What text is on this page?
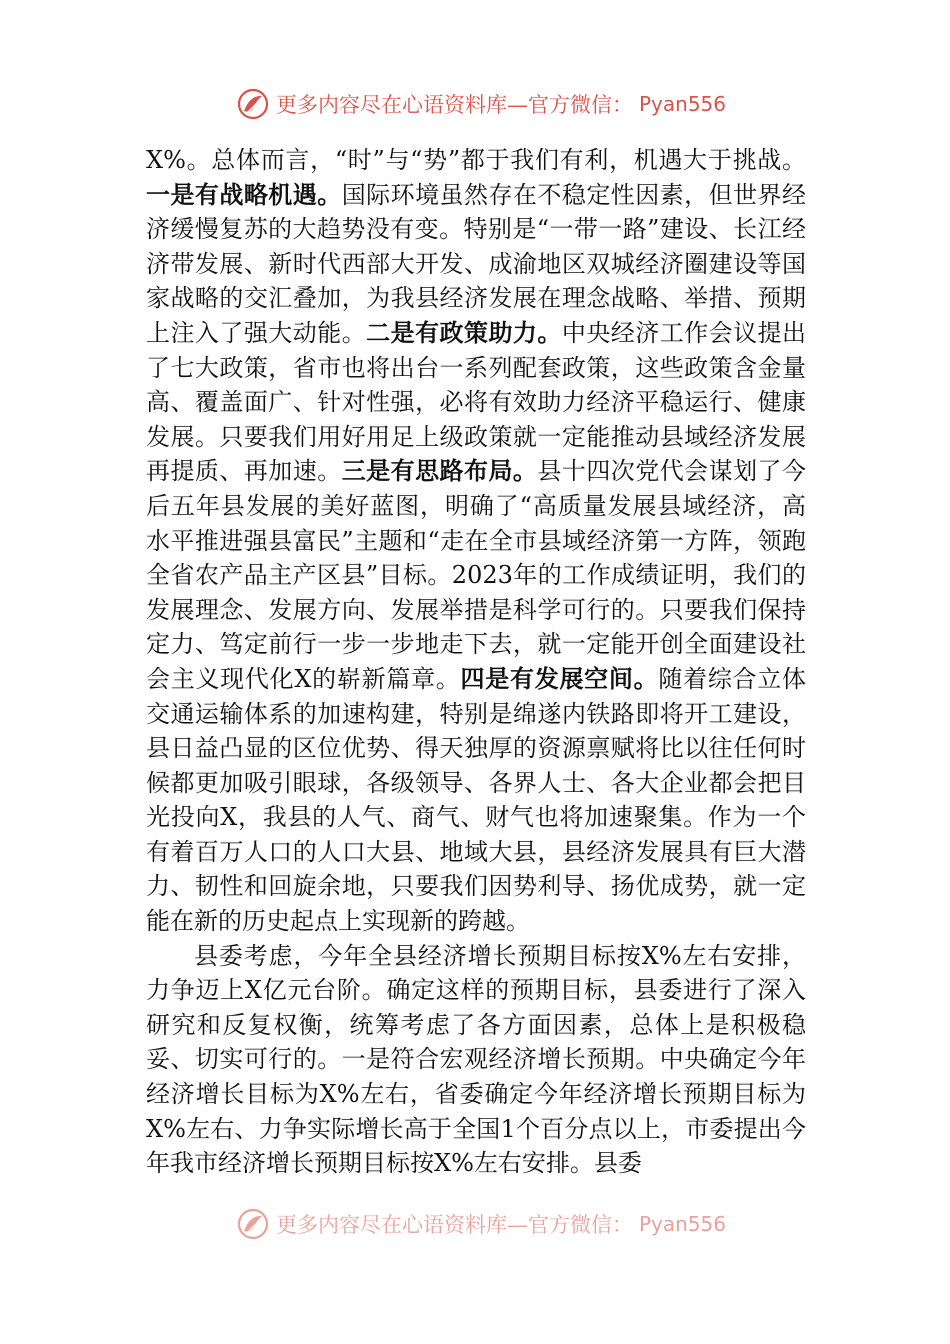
更多内容尽在心语资料库—官方微信： Pyan556

X%。总体而言，“时”与“势”都于我们有利，机遇大于挑战。一是有战略机遇。国际环境虽然存在不稳定性因素，但世界经济缓慢复苏的大趋势没有变。特别是“一带一路”建设、长江经济带发展、新时代西部大开发、成渝地区双城经济圈建设等国家战略的交汇叠加，为我县经济发展在理念战略、举措、预期上注入了强大动能。二是有政策助力。中央经济工作会议提出了七大政策，省市也将出台一系列配套政策，这些政策含金量高、覆盖面广、针对性强，必将有效助力经济平稳运行、健康发展。只要我们用好用足上级政策就一定能推动县域经济发展再提质、再加速。三是有思路布局。县十四次党代会谋划了今后五年县发展的美好蓝图，明确了“高质量发展县域经济，高水平推进强县富民”主题和“走在全市县域经济第一方阵，领跑全省农产品主产区县”目标。2023年的工作成绩证明，我们的发展理念、发展方向、发展举措是科学可行的。只要我们保持定力、笃定前行一步一步地走下去，就一定能开创全面建设社会主义现代化X的崭新篇章。四是有发展空间。随着综合立体交通运输体系的加速构建，特别是绵遂内铁路即将开工建设，县日益凸显的区位优势、得天独厚的资源禀赋将比以往任何时候都更加吸引眼球，各级领导、各界人士、各大企业都会把目光投向X，我县的人气、商气、财气也将加速聚集。作为一个有着百万人口的人口大县、地域大县，县经济发展具有巨大潜力、韧性和回旋余地，只要我们因势利导、扬优成势，就一定能在新的历史起点上实现新的跨越。

县委考虑，今年全县经济增长预期目标按X%左右安排，力争迈上X亿元台阶。确定这样的预期目标，县委进行了深入研究和反复权衡，统筹考虑了各方面因素，总体上是积极稳妥、切实可行的。一是符合宏观经济增长预期。中央确定今年经济增长目标为X%左右，省委确定今年经济增长预期目标为X%左右、力争实际增长高于全国1个百分点以上，市委提出今年我市经济增长预期目标按X%左右安排。县委

更多内容尽在心语资料库—官方微信： Pyan556
